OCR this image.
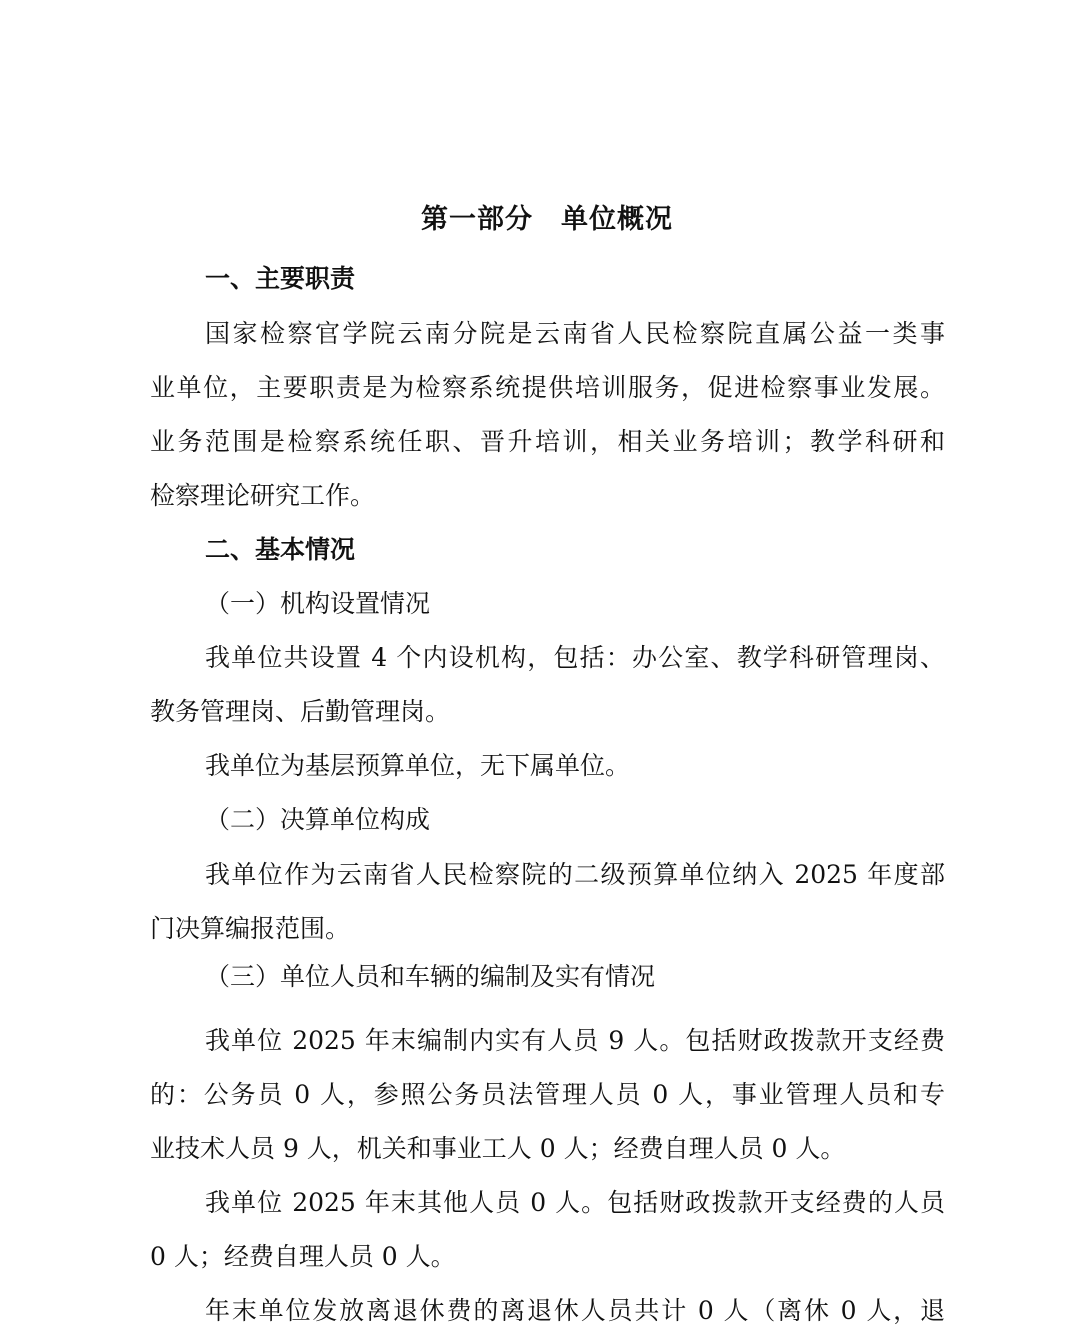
第一部分　单位概况
一、主要职责
国家检察官学院云南分院是云南省人民检察院直属公益一类事
业单位，主要职责是为检察系统提供培训服务，促进检察事业发展。
业务范围是检察系统任职、晋升培训，相关业务培训；教学科研和
检察理论研究工作。
二、基本情况
（一）机构设置情况
我单位共设置 4 个内设机构，包括：办公室、教学科研管理岗、
教务管理岗、后勤管理岗。
我单位为基层预算单位，无下属单位。
（二）决算单位构成
我单位作为云南省人民检察院的二级预算单位纳入 2025 年度部
门决算编报范围。
（三）单位人员和车辆的编制及实有情况
我单位 2025 年末编制内实有人员 9 人。包括财政拨款开支经费
的：公务员 0 人，参照公务员法管理人员 0 人，事业管理人员和专
业技术人员 9 人，机关和事业工人 0 人；经费自理人员 0 人。
我单位 2025 年末其他人员 0 人。包括财政拨款开支经费的人员
0 人；经费自理人员 0 人。
年末单位发放离退休费的离退休人员共计 0 人（离休 0 人，退
